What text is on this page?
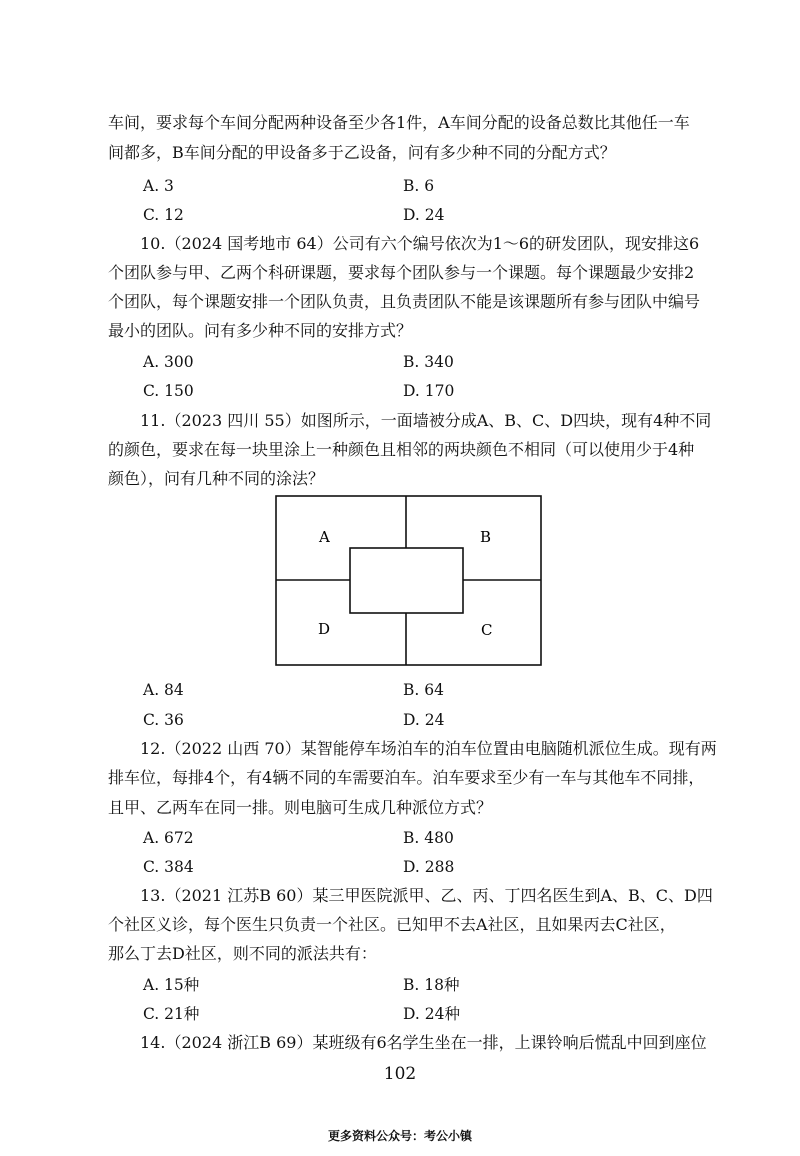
车间，要求每个车间分配两种设备至少各1件，A车间分配的设备总数比其他任一车
间都多，B车间分配的甲设备多于乙设备，问有多少种不同的分配方式？
A. 3	B. 6
C. 12	D. 24
10.（2024 国考地市 64）公司有六个编号依次为1～6的研发团队，现安排这6
个团队参与甲、乙两个科研课题，要求每个团队参与一个课题。每个课题最少安排2
个团队，每个课题安排一个团队负责，且负责团队不能是该课题所有参与团队中编号
最小的团队。问有多少种不同的安排方式？
A. 300	B. 340
C. 150	D. 170
11.（2023 四川 55）如图所示，一面墙被分成A、B、C、D四块，现有4种不同
的颜色，要求在每一块里涂上一种颜色且相邻的两块颜色不相同（可以使用少于4种
颜色），问有几种不同的涂法？
A	B
D	C
A. 84	B. 64
C. 36	D. 24
12.（2022 山西 70）某智能停车场泊车的泊车位置由电脑随机派位生成。现有两
排车位，每排4个，有4辆不同的车需要泊车。泊车要求至少有一车与其他车不同排，
且甲、乙两车在同一排。则电脑可生成几种派位方式？
A. 672	B. 480
C. 384	D. 288
13.（2021 江苏B 60）某三甲医院派甲、乙、丙、丁四名医生到A、B、C、D四
个社区义诊，每个医生只负责一个社区。已知甲不去A社区，且如果丙去C社区，
那么丁去D社区，则不同的派法共有：
A. 15种	B. 18种
C. 21种	D. 24种
14.（2024 浙江B 69）某班级有6名学生坐在一排，上课铃响后慌乱中回到座位
102
更多资料公众号：考公小镇
